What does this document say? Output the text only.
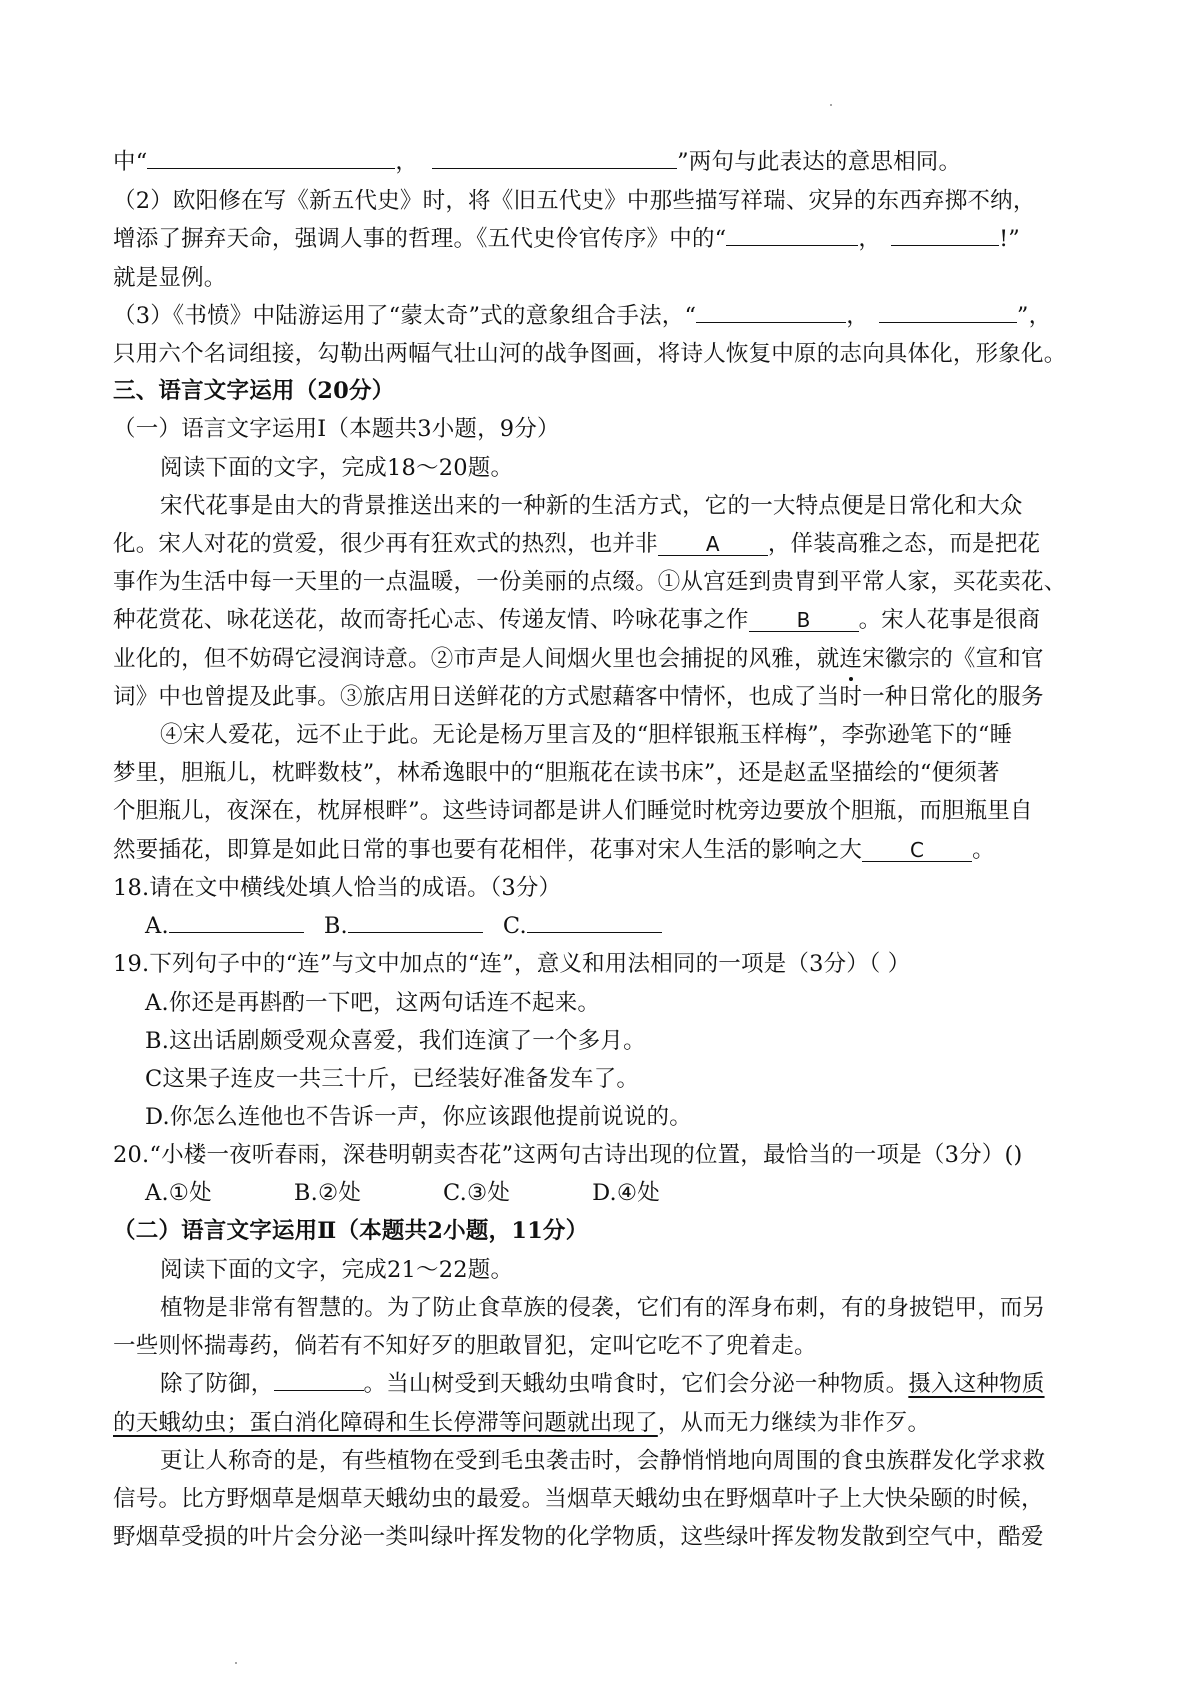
中“	，	”两句与此表达的意思相同。
（2）欧阳修在写《新五代史》时，将《旧五代史》中那些描写祥瑞、灾异的东西弃掷不纳，
增添了摒弃天命，强调人事的哲理。《五代史伶官传序》中的“	，	!”
就是显例。
（3）《书愤》中陆游运用了“蒙太奇”式的意象组合手法，“	，	”，
只用六个名词组接，勾勒出两幅气壮山河的战争图画，将诗人恢复中原的志向具体化，形象化。
三、语言文字运用（20分）
（一）语言文字运用Ⅰ（本题共3小题，9分）
阅读下面的文字，完成18～20题。
宋代花事是由大的背景推送出来的一种新的生活方式，它的一大特点便是日常化和大众
化。宋人对花的赏爱，很少再有狂欢式的热烈，也并非 A ，佯装高雅之态，而是把花
事作为生活中每一天里的一点温暖，一份美丽的点缀。①从宫廷到贵胄到平常人家，买花卖花、
种花赏花、咏花送花，故而寄托心志、传递友情、吟咏花事之作 B 。宋人花事是很商
业化的，但不妨碍它浸润诗意。②市声是人间烟火里也会捕捉的风雅，就连宋徽宗的《宣和官
词》中也曾提及此事。③旅店用日送鲜花的方式慰藉客中情怀，也成了当时一种日常化的服务
④宋人爱花，远不止于此。无论是杨万里言及的“胆样银瓶玉样梅”，李弥逊笔下的“睡
梦里，胆瓶儿，枕畔数枝”，林希逸眼中的“胆瓶花在读书床”，还是赵孟坚描绘的“便须著
个胆瓶儿，夜深在，枕屏根畔”。这些诗词都是讲人们睡觉时枕旁边要放个胆瓶，而胆瓶里自
然要插花，即算是如此日常的事也要有花相伴，花事对宋人生活的影响之大 C 。
18.请在文中横线处填人恰当的成语。（3分）
A.	B.	C.
19.下列句子中的“连”与文中加点的“连”，意义和用法相同的一项是（3分）（ ）
A.你还是再斟酌一下吧，这两句话连不起来。
B.这出话剧颇受观众喜爱，我们连演了一个多月。
C这果子连皮一共三十斤，已经装好准备发车了。
D.你怎么连他也不告诉一声，你应该跟他提前说说的。
20.“小楼一夜听春雨，深巷明朝卖杏花”这两句古诗出现的位置，最恰当的一项是（3分）()
A.①处	B.②处	C.③处	D.④处
（二）语言文字运用Ⅱ（本题共2小题，11分）
阅读下面的文字，完成21～22题。
植物是非常有智慧的。为了防止食草族的侵袭，它们有的浑身布刺，有的身披铠甲，而另
一些则怀揣毒药，倘若有不知好歹的胆敢冒犯，定叫它吃不了兜着走。
除了防御，	。当山树受到天蛾幼虫啃食时，它们会分泌一种物质。摄入这种物质
的天蛾幼虫；蛋白消化障碍和生长停滞等问题就出现了，从而无力继续为非作歹。
更让人称奇的是，有些植物在受到毛虫袭击时，会静悄悄地向周围的食虫族群发化学求救
信号。比方野烟草是烟草天蛾幼虫的最爱。当烟草天蛾幼虫在野烟草叶子上大快朵颐的时候，
野烟草受损的叶片会分泌一类叫绿叶挥发物的化学物质，这些绿叶挥发物发散到空气中，酷爱
